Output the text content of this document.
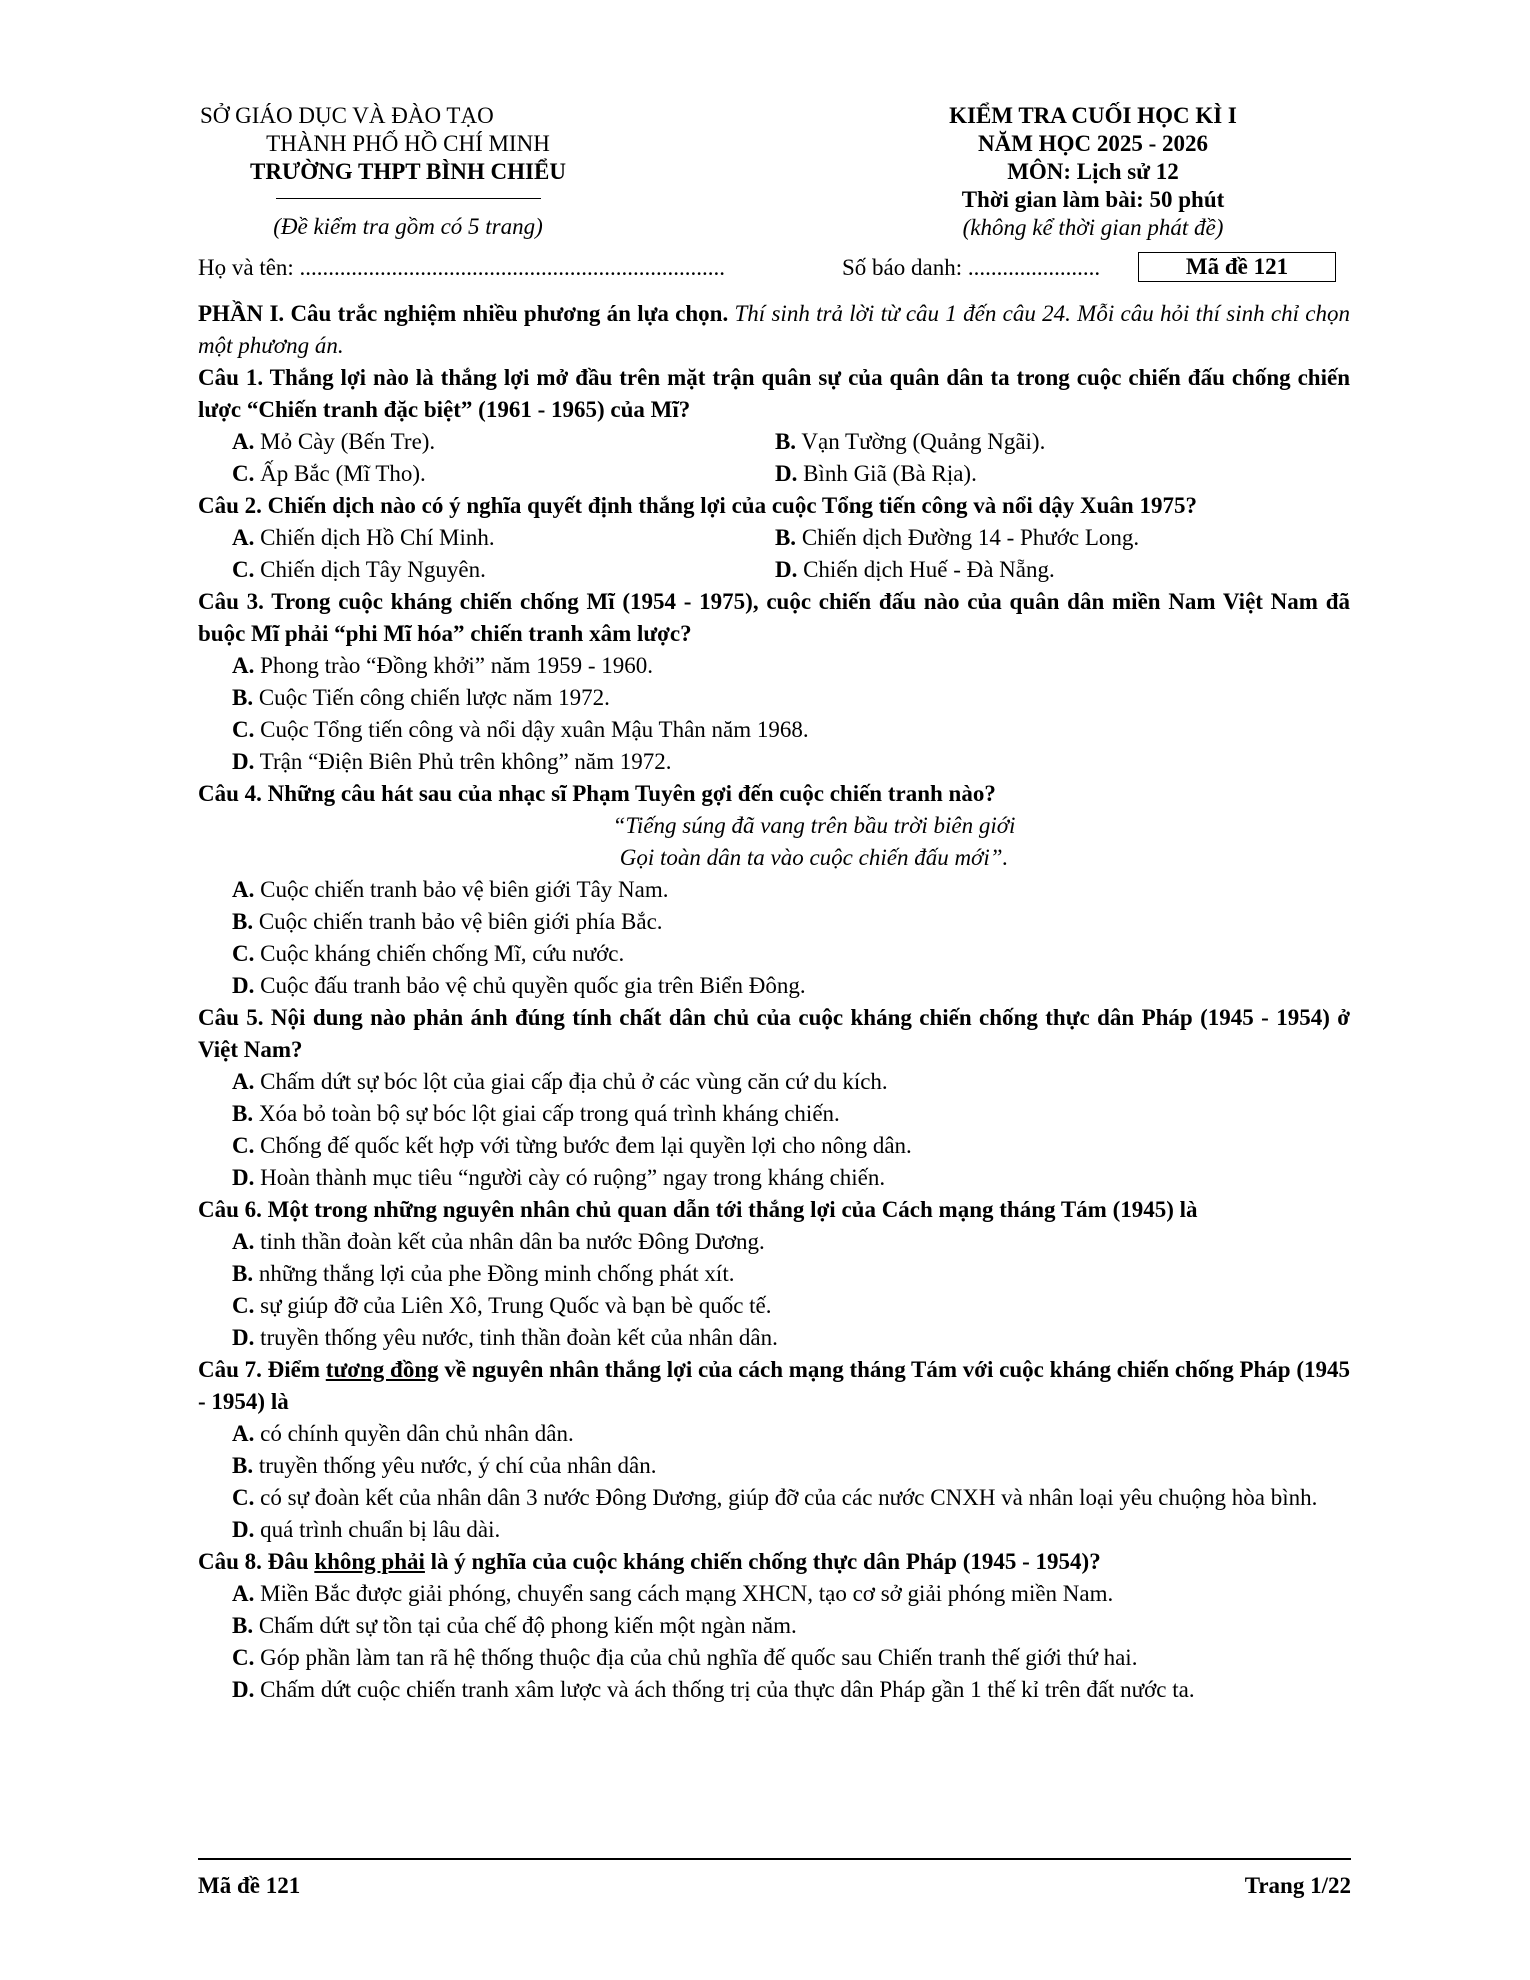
SỞ GIÁO DỤC VÀ ĐÀO TẠO
THÀNH PHỐ HỒ CHÍ MINH
TRƯỜNG THPT BÌNH CHIỂU
(Đề kiểm tra gồm có 5 trang)
KIỂM TRA CUỐI HỌC KÌ I
NĂM HỌC 2025 - 2026
MÔN: Lịch sử 12
Thời gian làm bài: 50 phút
(không kể thời gian phát đề)
Họ và tên: ..........................................................................	Số báo danh: .......................	Mã đề 121

PHẦN I. Câu trắc nghiệm nhiều phương án lựa chọn. Thí sinh trả lời từ câu 1 đến câu 24. Mỗi câu hỏi thí sinh chỉ chọn một phương án.

Câu 1. Thắng lợi nào là thắng lợi mở đầu trên mặt trận quân sự của quân dân ta trong cuộc chiến đấu chống chiến lược “Chiến tranh đặc biệt” (1961 - 1965) của Mĩ?

A. Mỏ Cày (Bến Tre).	B. Vạn Tường (Quảng Ngãi).
C. Ấp Bắc (Mĩ Tho).	D. Bình Giã (Bà Rịa).

Câu 2. Chiến dịch nào có ý nghĩa quyết định thắng lợi của cuộc Tổng tiến công và nổi dậy Xuân 1975?

A. Chiến dịch Hồ Chí Minh.	B. Chiến dịch Đường 14 - Phước Long.
C. Chiến dịch Tây Nguyên.	D. Chiến dịch Huế - Đà Nẵng.

Câu 3. Trong cuộc kháng chiến chống Mĩ (1954 - 1975), cuộc chiến đấu nào của quân dân miền Nam Việt Nam đã buộc Mĩ phải “phi Mĩ hóa” chiến tranh xâm lược?

A. Phong trào “Đồng khởi” năm 1959 - 1960.

B. Cuộc Tiến công chiến lược năm 1972.

C. Cuộc Tổng tiến công và nổi dậy xuân Mậu Thân năm 1968.

D. Trận “Điện Biên Phủ trên không” năm 1972.

Câu 4. Những câu hát sau của nhạc sĩ Phạm Tuyên gợi đến cuộc chiến tranh nào?

“Tiếng súng đã vang trên bầu trời biên giới

Gọi toàn dân ta vào cuộc chiến đấu mới”.

A. Cuộc chiến tranh bảo vệ biên giới Tây Nam.

B. Cuộc chiến tranh bảo vệ biên giới phía Bắc.

C. Cuộc kháng chiến chống Mĩ, cứu nước.

D. Cuộc đấu tranh bảo vệ chủ quyền quốc gia trên Biển Đông.

Câu 5. Nội dung nào phản ánh đúng tính chất dân chủ của cuộc kháng chiến chống thực dân Pháp (1945 - 1954) ở Việt Nam?

A. Chấm dứt sự bóc lột của giai cấp địa chủ ở các vùng căn cứ du kích.

B. Xóa bỏ toàn bộ sự bóc lột giai cấp trong quá trình kháng chiến.

C. Chống đế quốc kết hợp với từng bước đem lại quyền lợi cho nông dân.

D. Hoàn thành mục tiêu “người cày có ruộng” ngay trong kháng chiến.

Câu 6. Một trong những nguyên nhân chủ quan dẫn tới thắng lợi của Cách mạng tháng Tám (1945) là

A. tinh thần đoàn kết của nhân dân ba nước Đông Dương.

B. những thắng lợi của phe Đồng minh chống phát xít.

C. sự giúp đỡ của Liên Xô, Trung Quốc và bạn bè quốc tế.

D. truyền thống yêu nước, tinh thần đoàn kết của nhân dân.

Câu 7. Điểm tương đồng về nguyên nhân thắng lợi của cách mạng tháng Tám với cuộc kháng chiến chống Pháp (1945 - 1954) là

A. có chính quyền dân chủ nhân dân.

B. truyền thống yêu nước, ý chí của nhân dân.

C. có sự đoàn kết của nhân dân 3 nước Đông Dương, giúp đỡ của các nước CNXH và nhân loại yêu chuộng hòa bình.

D. quá trình chuẩn bị lâu dài.

Câu 8. Đâu không phải là ý nghĩa của cuộc kháng chiến chống thực dân Pháp (1945 - 1954)?

A. Miền Bắc được giải phóng, chuyển sang cách mạng XHCN, tạo cơ sở giải phóng miền Nam.

B. Chấm dứt sự tồn tại của chế độ phong kiến một ngàn năm.

C. Góp phần làm tan rã hệ thống thuộc địa của chủ nghĩa đế quốc sau Chiến tranh thế giới thứ hai.

D. Chấm dứt cuộc chiến tranh xâm lược và ách thống trị của thực dân Pháp gần 1 thế kỉ trên đất nước ta.

Mã đề 121	Trang 1/22
